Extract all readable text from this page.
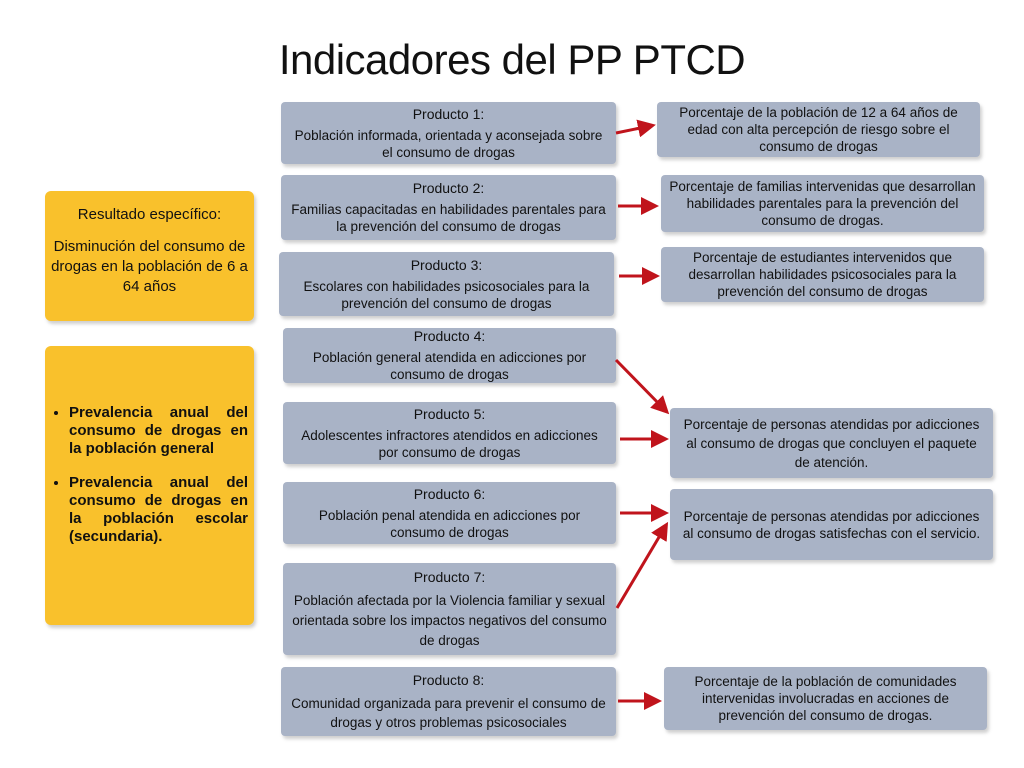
Indicadores del PP PTCD
Resultado específico:
Disminución del consumo de drogas en la población de 6 a 64 años
• Prevalencia anual del consumo de drogas en la población general
• Prevalencia anual del consumo de drogas en la población escolar (secundaria).
Producto 1:
Población informada, orientada y aconsejada sobre el consumo de drogas
Producto 2:
Familias capacitadas en habilidades parentales para la prevención del consumo de drogas
Producto 3:
Escolares con habilidades psicosociales para la prevención del consumo de drogas
Producto 4:
Población general atendida en adicciones por consumo de drogas
Producto 5:
Adolescentes infractores atendidos en adicciones por consumo de drogas
Producto 6:
Población penal atendida en adicciones por consumo de drogas
Producto 7:
Población afectada por la Violencia familiar y sexual orientada sobre los impactos negativos del consumo de drogas
Producto 8:
Comunidad organizada para prevenir el consumo de drogas y otros problemas psicosociales
Porcentaje de la población de 12 a 64 años de edad con alta percepción de riesgo sobre el consumo de drogas
Porcentaje de familias intervenidas que desarrollan habilidades parentales para la prevención del consumo de drogas.
Porcentaje de estudiantes intervenidos que desarrollan habilidades psicosociales para la prevención del consumo de drogas
Porcentaje de personas atendidas por adicciones al consumo de drogas que concluyen el paquete de atención.
Porcentaje de personas atendidas por adicciones al consumo de drogas satisfechas con el servicio.
Porcentaje de la población de comunidades intervenidas involucradas en acciones de prevención del consumo de drogas.
